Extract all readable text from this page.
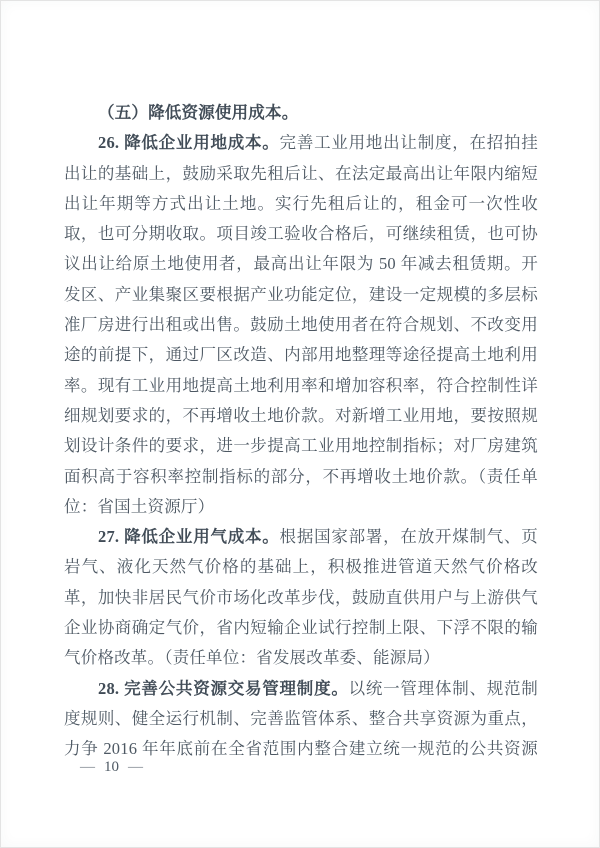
（五）降低资源使用成本。
26. 降低企业用地成本。完善工业用地出让制度，在招拍挂
出让的基础上，鼓励采取先租后让、在法定最高出让年限内缩短
出让年期等方式出让土地。实行先租后让的，租金可一次性收
取，也可分期收取。项目竣工验收合格后，可继续租赁，也可协
议出让给原土地使用者，最高出让年限为 50 年减去租赁期。开
发区、产业集聚区要根据产业功能定位，建设一定规模的多层标
准厂房进行出租或出售。鼓励土地使用者在符合规划、不改变用
途的前提下，通过厂区改造、内部用地整理等途径提高土地利用
率。现有工业用地提高土地利用率和增加容积率，符合控制性详
细规划要求的，不再增收土地价款。对新增工业用地，要按照规
划设计条件的要求，进一步提高工业用地控制指标；对厂房建筑
面积高于容积率控制指标的部分，不再增收土地价款。（责任单
位：省国土资源厅）
27. 降低企业用气成本。根据国家部署，在放开煤制气、页
岩气、液化天然气价格的基础上，积极推进管道天然气价格改
革，加快非居民气价市场化改革步伐，鼓励直供用户与上游供气
企业协商确定气价，省内短输企业试行控制上限、下浮不限的输
气价格改革。（责任单位：省发展改革委、能源局）
28. 完善公共资源交易管理制度。以统一管理体制、规范制
度规则、健全运行机制、完善监管体系、整合共享资源为重点，
力争 2016 年年底前在全省范围内整合建立统一规范的公共资源
— 10 —
